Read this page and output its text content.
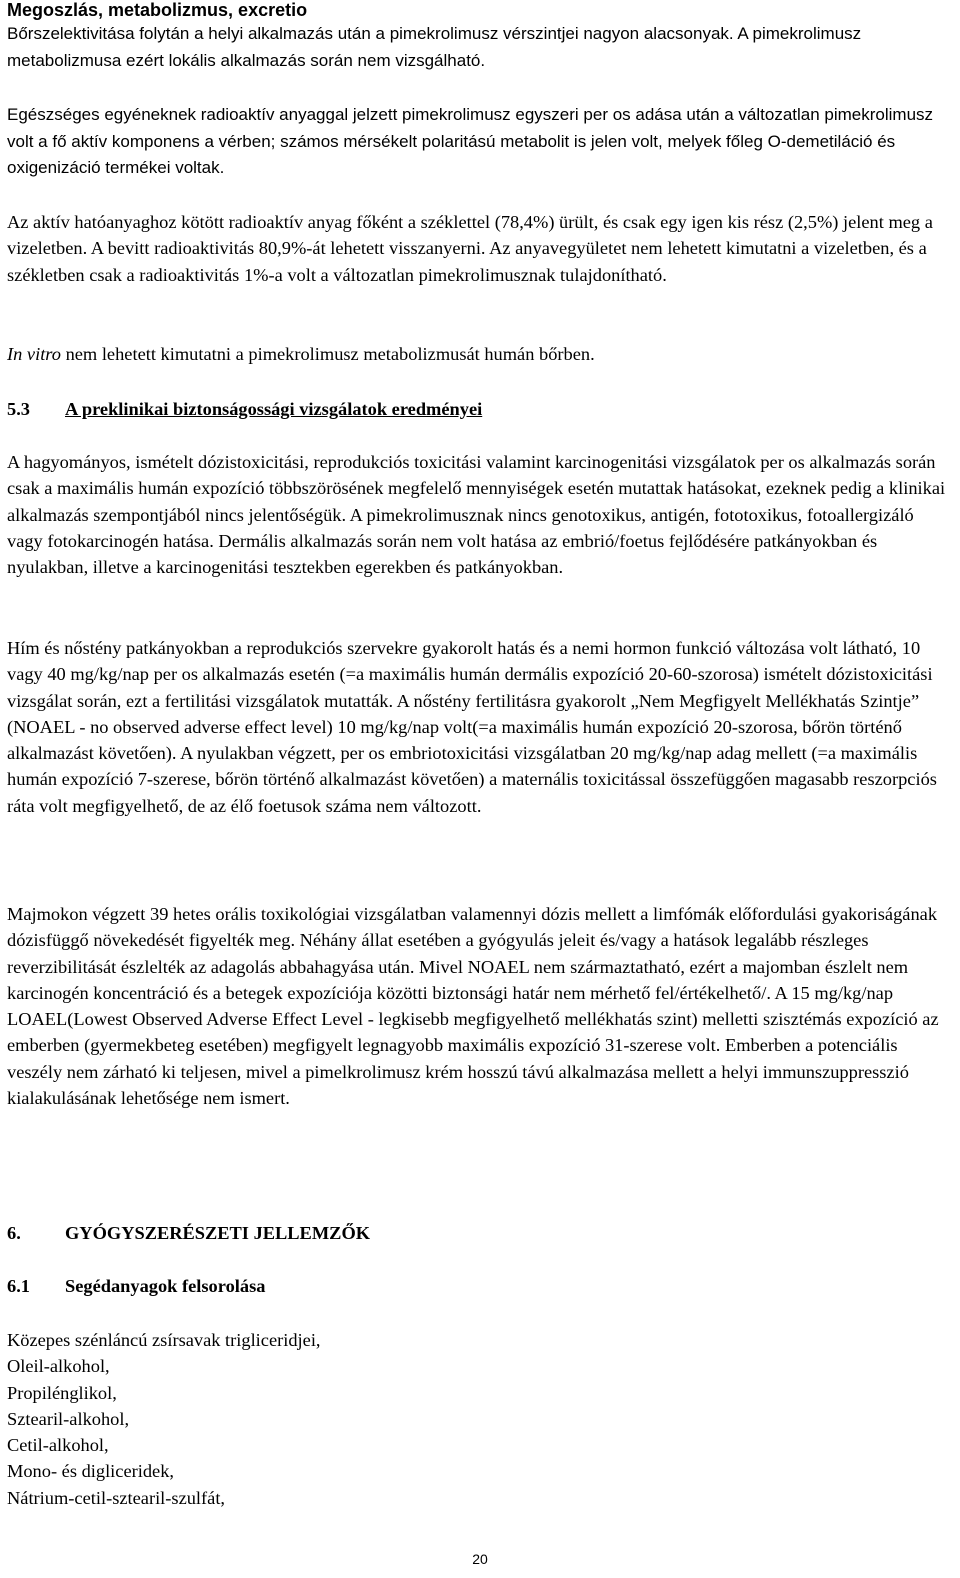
Megoszlás, metabolizmus, excretio

Bőrszelektivitása folytán a helyi alkalmazás után a pimekrolimusz vérszintjei nagyon alacsonyak. A pimekrolimusz metabolizmusa ezért lokális alkalmazás során nem vizsgálható.

Egészséges egyéneknek radioaktív anyaggal jelzett pimekrolimusz egyszeri per os adása után a változatlan pimekrolimusz volt a fő aktív komponens a vérben; számos mérsékelt polaritású metabolit is jelen volt, melyek főleg O-demetiláció és oxigenizáció termékei voltak.

Az aktív hatóanyaghoz kötött radioaktív anyag főként a széklettel (78,4%) ürült, és csak egy igen kis rész (2,5%) jelent meg a vizeletben. A bevitt radioaktivitás 80,9%-át lehetett visszanyerni. Az anyavegyületet nem lehetett kimutatni a vizeletben, és a székletben csak a radioaktivitás 1%-a volt a változatlan pimekrolimusznak tulajdonítható.

In vitro nem lehetett kimutatni a pimekrolimusz metabolizmusát humán bőrben.

5.3 A preklinikai biztonságossági vizsgálatok eredményei

A hagyományos, ismételt dózistoxicitási, reprodukciós toxicitási valamint karcinogenitási vizsgálatok per os alkalmazás során csak a maximális humán expozíció többszörösének megfelelő mennyiségek esetén mutattak hatásokat, ezeknek pedig a klinikai alkalmazás szempontjából nincs jelentőségük. A pimekrolimusznak nincs genotoxikus, antigén, fototoxikus, fotoallergizáló vagy fotokarcinogén hatása. Dermális alkalmazás során nem volt hatása az embrió/foetus fejlődésére patkányokban és nyulakban, illetve a karcinogenitási tesztekben egerekben és patkányokban.

Hím és nőstény patkányokban a reprodukciós szervekre gyakorolt hatás és a nemi hormon funkció változása volt látható, 10 vagy 40 mg/kg/nap per os alkalmazás esetén (=a maximális humán dermális expozíció 20-60-szorosa) ismételt dózistoxicitási vizsgálat során, ezt a fertilitási vizsgálatok mutatták. A nőstény fertilitásra gyakorolt „Nem Megfigyelt Mellékhatás Szintje” (NOAEL - no observed adverse effect level) 10 mg/kg/nap volt(=a maximális humán expozíció 20-szorosa, bőrön történő alkalmazást követően). A nyulakban végzett, per os embriotoxicitási vizsgálatban 20 mg/kg/nap adag mellett (=a maximális humán expozíció 7-szerese, bőrön történő alkalmazást követően) a maternális toxicitással összefüggően magasabb reszorpciós ráta volt megfigyelhető, de az élő foetusok száma nem változott.

Majmokon végzett 39 hetes orális toxikológiai vizsgálatban valamennyi dózis mellett a limfómák előfordulási gyakoriságának dózisfüggő növekedését figyelték meg. Néhány állat esetében a gyógyulás jeleit és/vagy a hatások legalább részleges reverzibilitását észlelték az adagolás abbahagyása után. Mivel NOAEL nem származtatható, ezért a majomban észlelt nem karcinogén koncentráció és a betegek expozíciója közötti biztonsági határ nem mérhető fel/értékelhető/. A 15 mg/kg/nap LOAEL(Lowest Observed Adverse Effect Level - legkisebb megfigyelhető mellékhatás szint) melletti szisztémás expozíció az emberben (gyermekbeteg esetében) megfigyelt legnagyobb maximális expozíció 31-szerese volt. Emberben a potenciális veszély nem zárható ki teljesen, mivel a pimelkrolimusz krém hosszú távú alkalmazása mellett a helyi immunszuppresszió kialakulásának lehetősége nem ismert.

6. GYÓGYSZERÉSZETI JELLEMZŐK
6.1 Segédanyagok felsorolása
Közepes szénláncú zsírsavak trigliceridjei,
Oleil-alkohol,
Propilénglikol,
Sztearil-alkohol,
Cetil-alkohol,
Mono- és digliceridek,
Nátrium-cetil-sztearil-szulfát,
20
